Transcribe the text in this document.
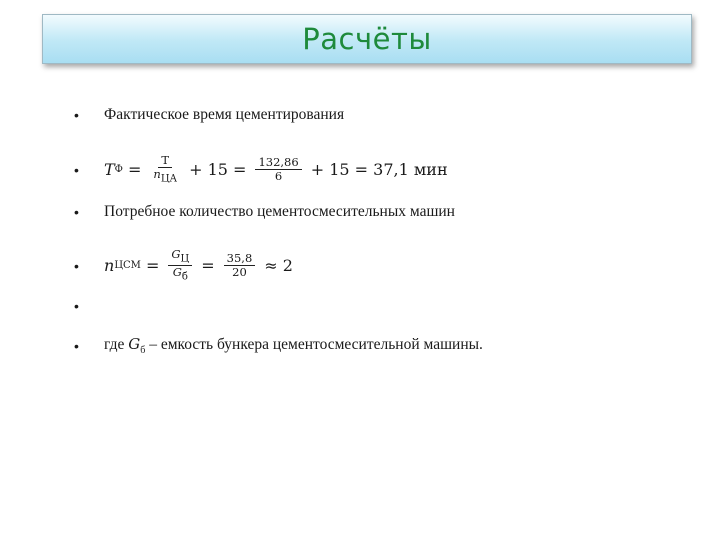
Расчёты
•	Фактическое время цементирования
•	T $Ф = \frac{T}{n_{ЦА}} + 15 = \frac{132,86}{6} + 15 = 37,1$ мин
•	Потребное количество цементосмесительных машин
•	n ЦСМ = $\frac{G_Ц}{G_б} = \frac{35,8}{20} \approx 2$
•
•	где $G_б$ – емкость бункера цементосмесительной машины.
